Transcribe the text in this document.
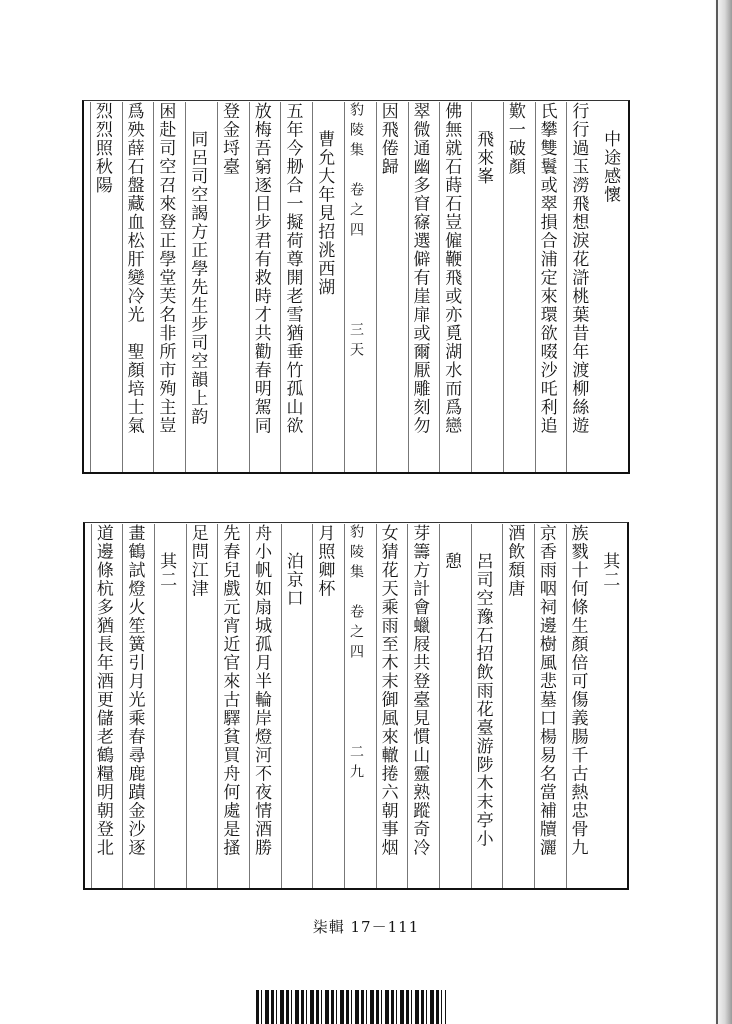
中途感懷
行行過玉澇飛想淚花滸桃葉昔年渡柳絲遊
氏攀雙鬟或翠損合浦定來環欲啜沙吒利追
歎一破顏
飛來峯
佛無就石蒔石豈僱鞭飛或亦覓湖水而爲戀
翠微通幽多窅窱選僻有崖扉或爾厭雕刻勿
因飛倦歸
豹陵集　卷之四　　　　三天
曹允大年見招洮西湖
五年今刱合一擬荷尊開老雪猶垂竹孤山欲
放梅吾窮逐日步君有救時才共勸春明駕同
登金埒臺
同呂司空謁方正學先生步司空韻上韵
困赴司空召來登正學堂芙名非所市殉主豈
爲殃薛石盤藏血松肝變冷光　聖顏培士氣
烈烈照秋陽
其二
族戮十何條生顏倍可傷義腸千古熱忠骨九
京香雨咽祠邊樹風悲墓口楊易名當補牘灑
酒飲頹唐
呂司空豫石招飲雨花臺游陟木末亭小
憩
芽籌方計會蠟屐共登臺見慣山靈熟蹤奇冷
女猜花天乘雨至木末御風來轍捲六朝事烟
豹陵集　卷之四　　　　二九
月照卿杯
泊京口
舟小帆如扇城孤月半輪岸燈河不夜情酒勝
先春兒戲元宵近官來古驛貧買舟何處是搔
足問江津
其二
畫鶴試燈火笙簧引月光乘春尋鹿蹟金沙逐
道邊條杭多猶長年酒更儲老鶴糧明朝登北
柒輯 17－111
